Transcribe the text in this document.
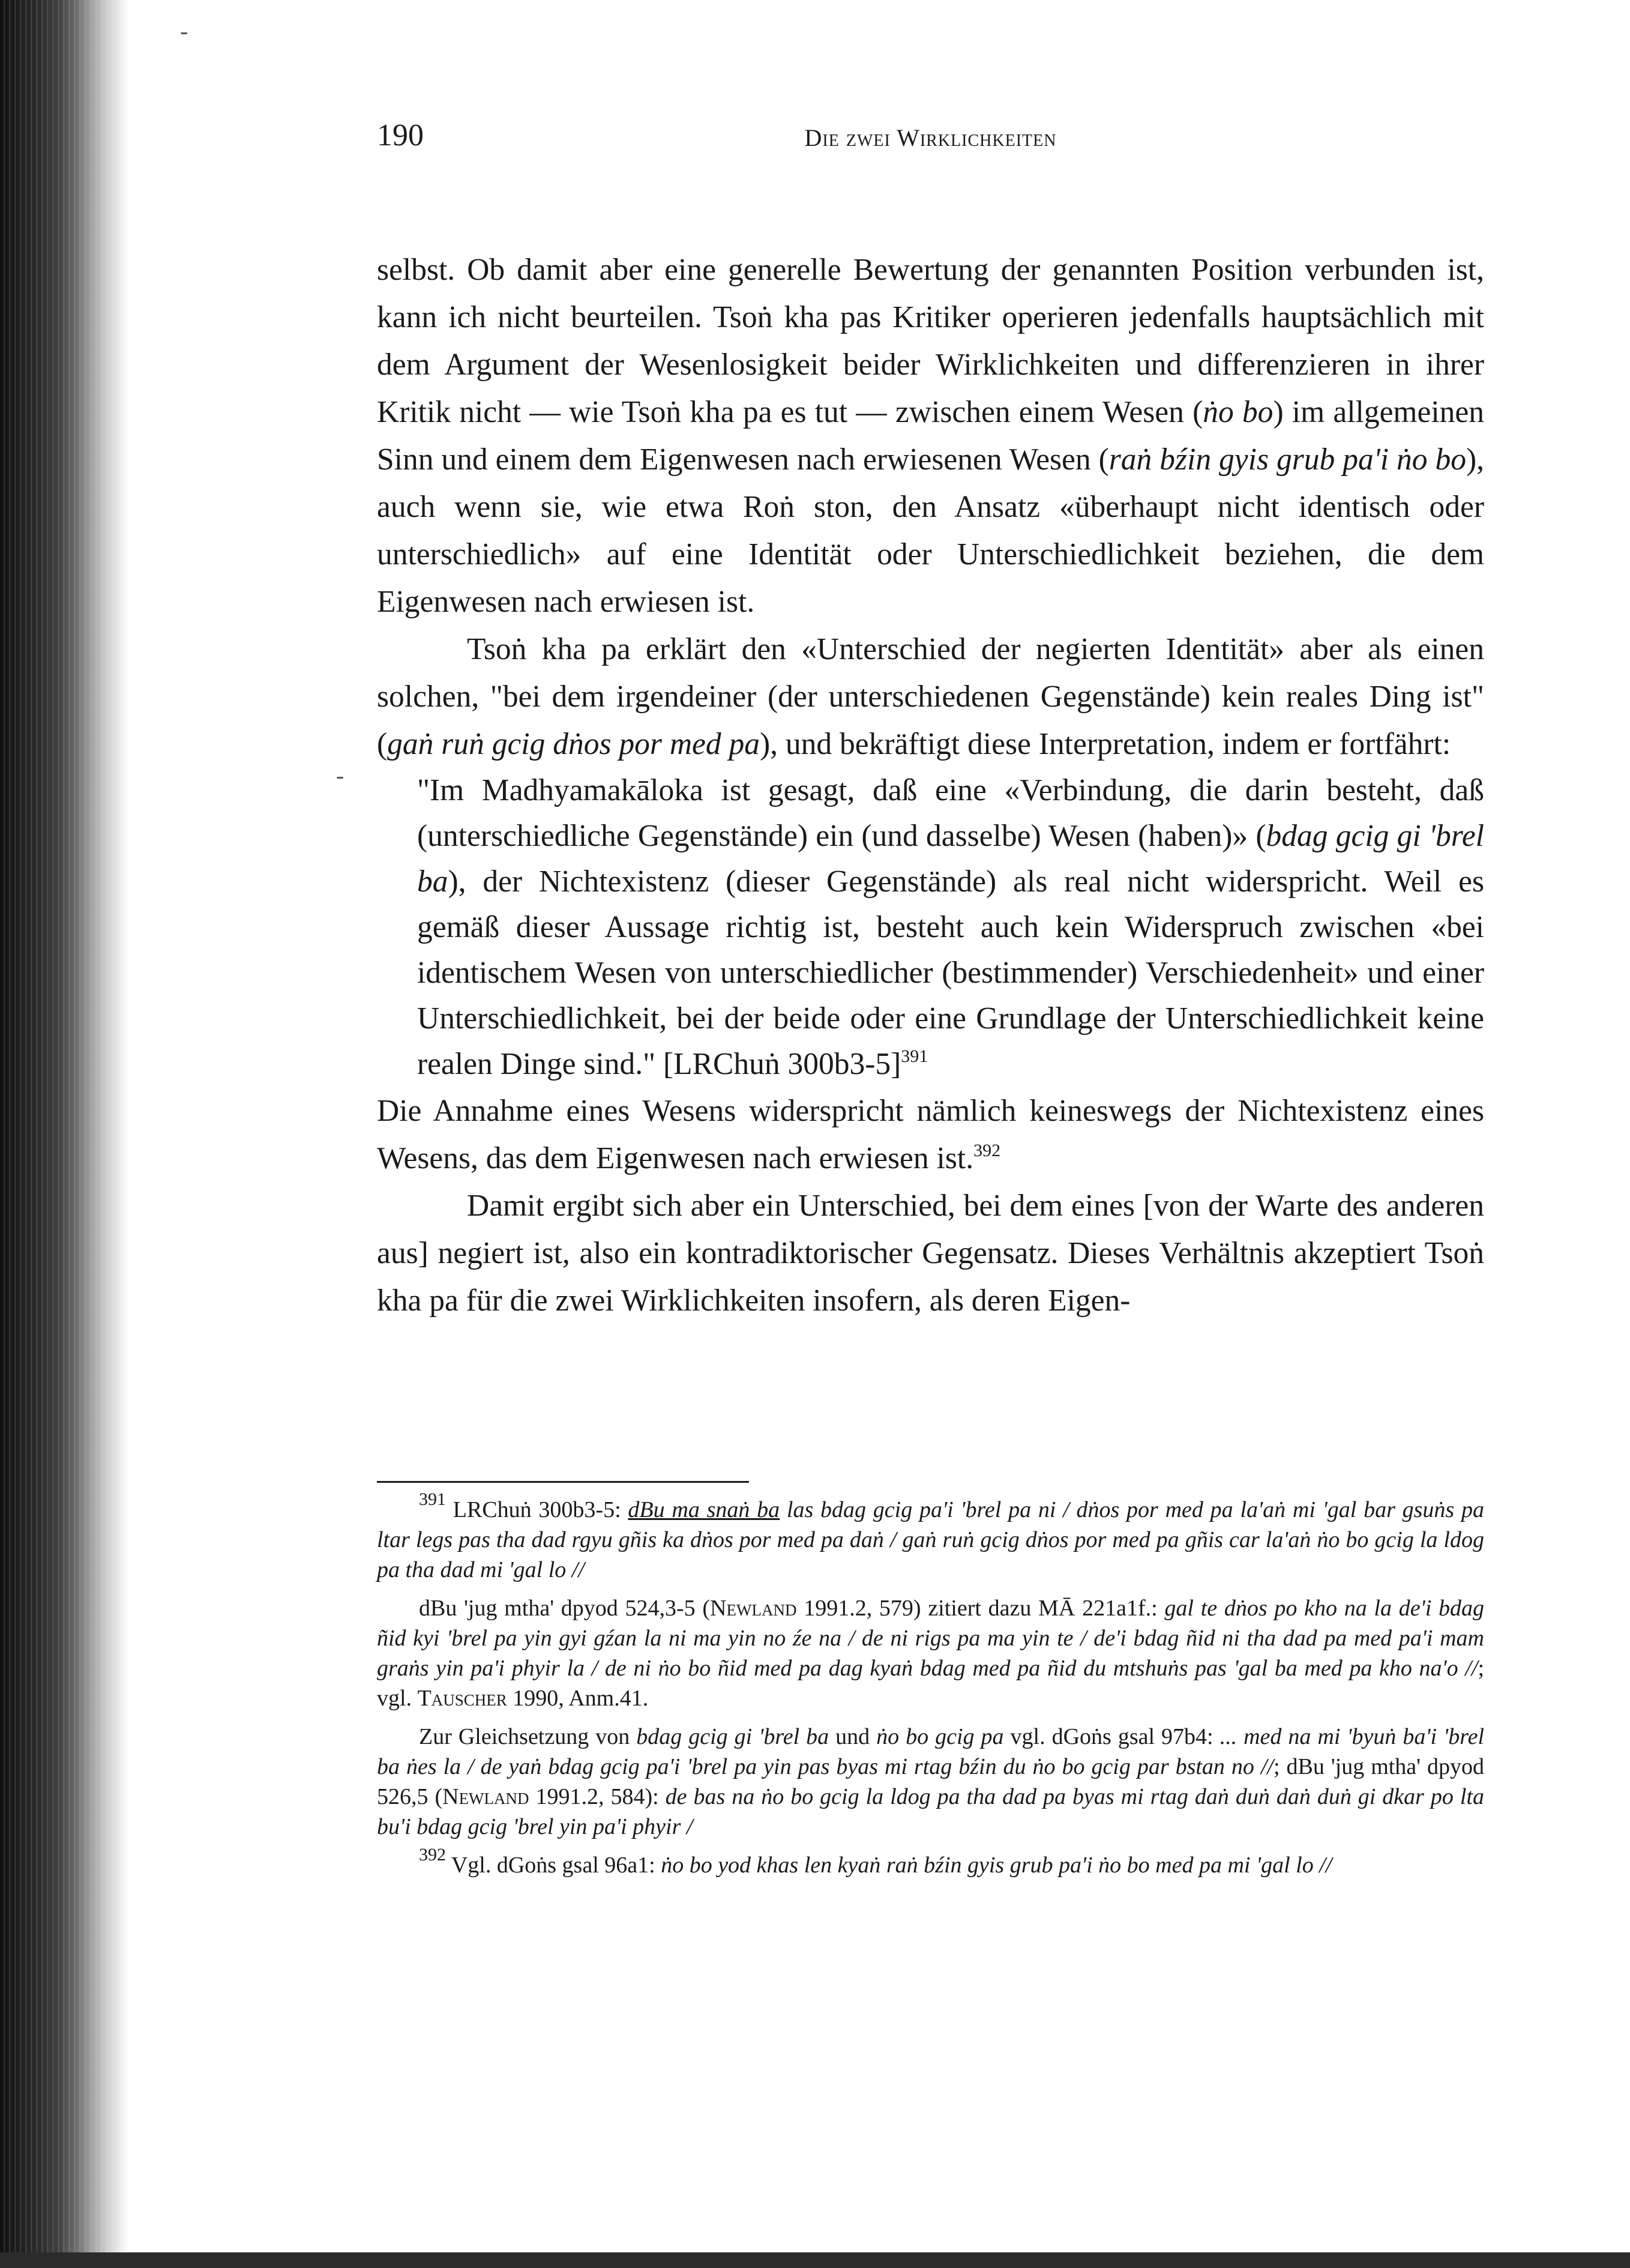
190	Die zwei Wirklichkeiten
-
-

selbst. Ob damit aber eine generelle Bewertung der genannten Position verbunden ist, kann ich nicht beurteilen. Tsoṅ kha pas Kritiker operieren jedenfalls hauptsächlich mit dem Argument der Wesenlosigkeit beider Wirklichkeiten und differenzieren in ihrer Kritik nicht — wie Tsoṅ kha pa es tut — zwischen einem Wesen (ṅo bo) im allgemeinen Sinn und einem dem Eigenwesen nach erwiesenen Wesen (raṅ bźin gyis grub pa'i ṅo bo), auch wenn sie, wie etwa Roṅ ston, den Ansatz «überhaupt nicht identisch oder unterschiedlich» auf eine Identität oder Unterschiedlichkeit beziehen, die dem Eigenwesen nach erwiesen ist.

Tsoṅ kha pa erklärt den «Unterschied der negierten Identität» aber als einen solchen, "bei dem irgendeiner (der unterschiedenen Gegenstände) kein reales Ding ist" (gaṅ ruṅ gcig dṅos por med pa), und bekräftigt diese Interpretation, indem er fortfährt:

"Im Madhyamakāloka ist gesagt, daß eine «Verbindung, die darin besteht, daß (unterschiedliche Gegenstände) ein (und dasselbe) Wesen (haben)» (bdag gcig gi 'brel ba), der Nichtexistenz (dieser Gegenstände) als real nicht widerspricht. Weil es gemäß dieser Aussage richtig ist, besteht auch kein Widerspruch zwischen «bei identischem Wesen von unterschiedlicher (bestimmender) Verschiedenheit» und einer Unterschiedlichkeit, bei der beide oder eine Grundlage der Unterschiedlichkeit keine realen Dinge sind." [LRChuṅ 300b3-5]$^{391}$

Die Annahme eines Wesens widerspricht nämlich keineswegs der Nichtexistenz eines Wesens, das dem Eigenwesen nach erwiesen ist.$^{392}$

Damit ergibt sich aber ein Unterschied, bei dem eines [von der Warte des anderen aus] negiert ist, also ein kontradiktorischer Gegensatz. Dieses Verhältnis akzeptiert Tsoṅ kha pa für die zwei Wirklichkeiten insofern, als deren Eigen-

$^{391}$ LRChuṅ 300b3-5: dBu ma snaṅ ba las bdag gcig pa'i 'brel pa ni / dṅos por med pa la'aṅ mi 'gal bar gsuṅs pa ltar legs pas tha dad rgyu gñis ka dṅos por med pa daṅ / gaṅ ruṅ gcig dṅos por med pa gñis car la'aṅ ṅo bo gcig la ldog pa tha dad mi 'gal lo //

dBu 'jug mtha' dpyod 524,3-5 (Newland 1991.2, 579) zitiert dazu MĀ 221a1f.: gal te dṅos po kho na la de'i bdag ñid kyi 'brel pa yin gyi gźan la ni ma yin no źe na / de ni rigs pa ma yin te / de'i bdag ñid ni tha dad pa med pa'i mam graṅs yin pa'i phyir la / de ni ṅo bo ñid med pa dag kyaṅ bdag med pa ñid du mtshuṅs pas 'gal ba med pa kho na'o //; vgl. Tauscher 1990, Anm.41.

Zur Gleichsetzung von bdag gcig gi 'brel ba und ṅo bo gcig pa vgl. dGoṅs gsal 97b4: ... med na mi 'byuṅ ba'i 'brel ba ṅes la / de yaṅ bdag gcig pa'i 'brel pa yin pas byas mi rtag bźin du ṅo bo gcig par bstan no //; dBu 'jug mtha' dpyod 526,5 (Newland 1991.2, 584): de bas na ṅo bo gcig la ldog pa tha dad pa byas mi rtag daṅ duṅ daṅ duṅ gi dkar po lta bu'i bdag gcig 'brel yin pa'i phyir /

$^{392}$ Vgl. dGoṅs gsal 96a1: ṅo bo yod khas len kyaṅ raṅ bźin gyis grub pa'i ṅo bo med pa mi 'gal lo //
